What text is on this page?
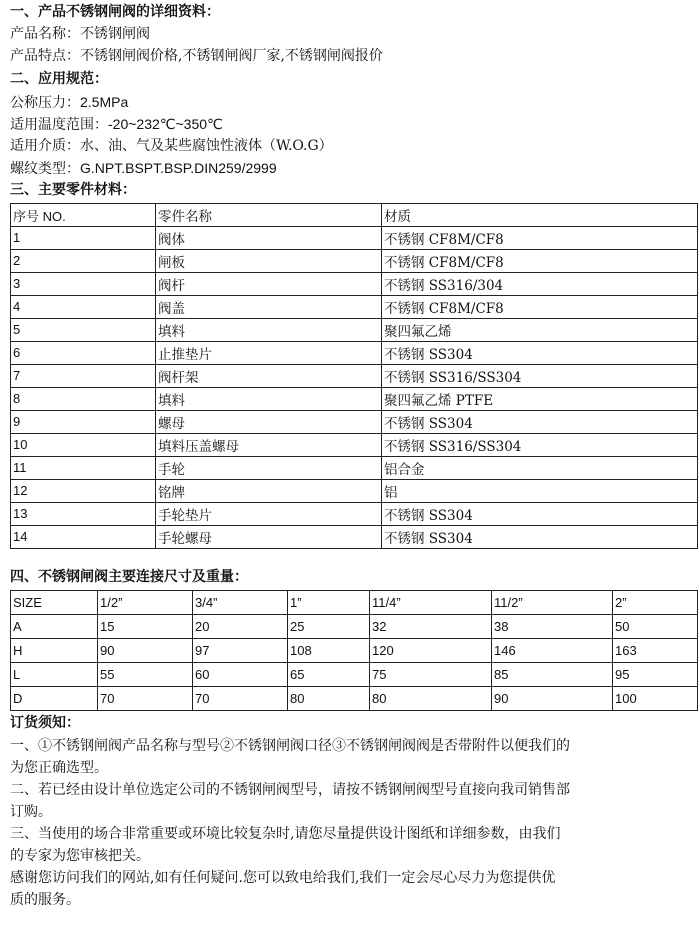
一、产品不锈钢闸阀的详细资料：
产品名称：不锈钢闸阀
产品特点：不锈钢闸阀价格,不锈钢闸阀厂家,不锈钢闸阀报价
二、应用规范：
公称压力：2.5MPa
适用温度范围：-20~232℃~350℃
适用介质：水、油、气及某些腐蚀性液体（W.O.G）
螺纹类型：G.NPT.BSPT.BSP.DIN259/2999
三、主要零件材料：
序号 NO.	零件名称	材质
1	阀体	不锈钢 CF8M/CF8
2	闸板	不锈钢 CF8M/CF8
3	阀杆	不锈钢 SS316/304
4	阀盖	不锈钢 CF8M/CF8
5	填料	聚四氟乙烯
6	止推垫片	不锈钢 SS304
7	阀杆架	不锈钢 SS316/SS304
8	填料	聚四氟乙烯 PTFE
9	螺母	不锈钢 SS304
10	填料压盖螺母	不锈钢 SS316/SS304
11	手轮	铝合金
12	铭牌	铝
13	手轮垫片	不锈钢 SS304
14	手轮螺母	不锈钢 SS304
四、不锈钢闸阀主要连接尺寸及重量：
SIZE	1/2”	3/4”	1”	11/4”	11/2”	2”
A	15	20	25	32	38	50
H	90	97	108	120	146	163
L	55	60	65	75	85	95
D	70	70	80	80	90	100
订货须知：
一、①不锈钢闸阀产品名称与型号②不锈钢闸阀口径③不锈钢闸阀阀是否带附件以便我们的
为您正确选型。
二、若已经由设计单位选定公司的不锈钢闸阀型号，请按不锈钢闸阀型号直接向我司销售部
订购。
三、当使用的场合非常重要或环境比较复杂时,请您尽量提供设计图纸和详细参数，由我们
的专家为您审核把关。
感谢您访问我们的网站,如有任何疑问.您可以致电给我们,我们一定会尽心尽力为您提供优
质的服务。
